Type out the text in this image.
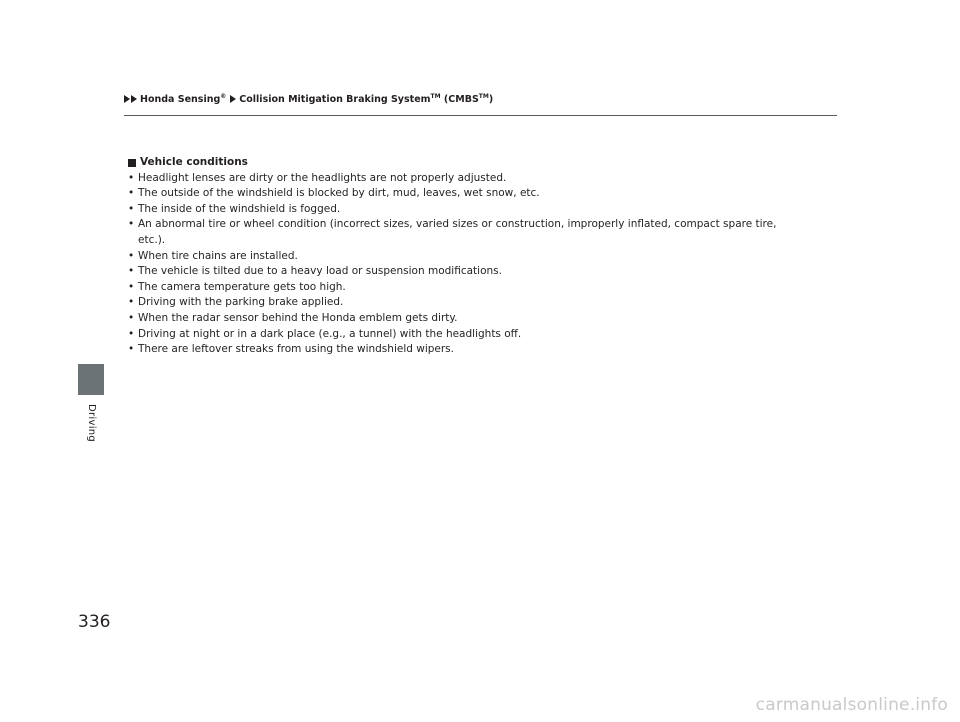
Honda Sensing® Collision Mitigation Braking System™ (CMBS™)
Driving
Vehicle conditions
• Headlight lenses are dirty or the headlights are not properly adjusted.
• The outside of the windshield is blocked by dirt, mud, leaves, wet snow, etc.
• The inside of the windshield is fogged.
• An abnormal tire or wheel condition (incorrect sizes, varied sizes or construction, improperly inflated, compact spare tire, etc.).
• When tire chains are installed.
• The vehicle is tilted due to a heavy load or suspension modifications.
• The camera temperature gets too high.
• Driving with the parking brake applied.
• When the radar sensor behind the Honda emblem gets dirty.
• Driving at night or in a dark place (e.g., a tunnel) with the headlights off.
• There are leftover streaks from using the windshield wipers.
336
carmanualsonline.info
